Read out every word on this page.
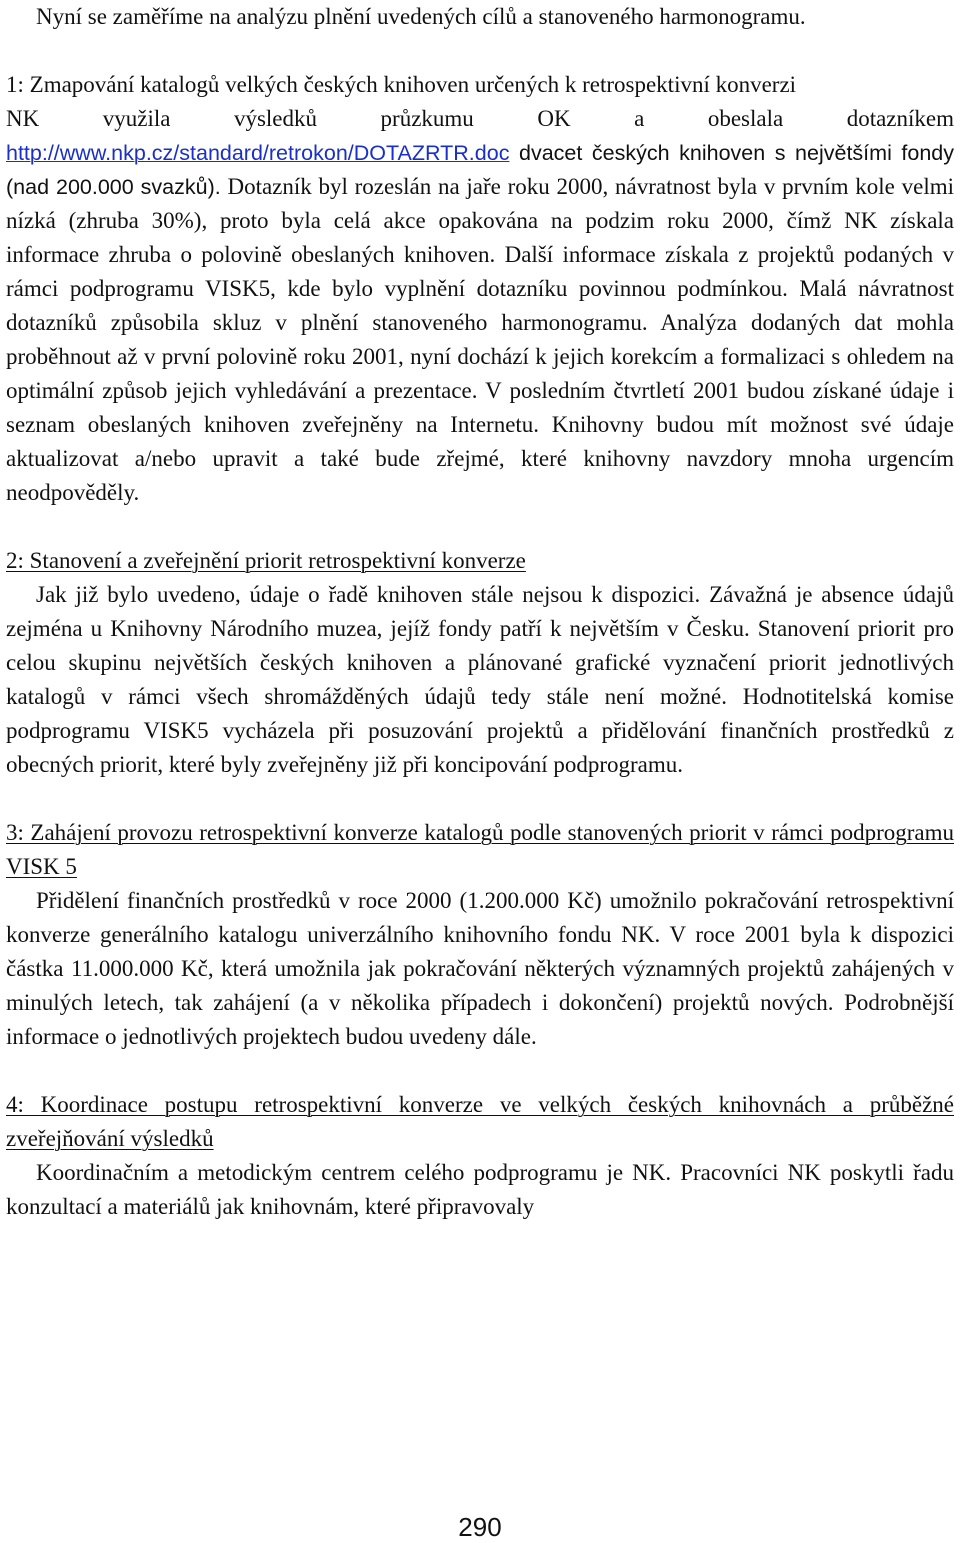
Nyní se zaměříme na analýzu plnění uvedených cílů a stanoveného harmonogramu.

1: Zmapování katalogů velkých českých knihoven určených k retrospektivní konverzi

NK využila výsledků průzkumu OK a obeslala dotazníkem http://www.nkp.cz/standard/retrokon/DOTAZRTR.doc dvacet českých knihoven s největšími fondy (nad 200.000 svazků). Dotazník byl rozeslán na jaře roku 2000, návratnost byla v prvním kole velmi nízká (zhruba 30%), proto byla celá akce opakována na podzim roku 2000, čímž NK získala informace zhruba o polovině obeslaných knihoven. Další informace získala z projektů podaných v rámci podprogramu VISK5, kde bylo vyplnění dotazníku povinnou podmínkou. Malá návratnost dotazníků způsobila skluz v plnění stanoveného harmonogramu. Analýza dodaných dat mohla proběhnout až v první polovině roku 2001, nyní dochází k jejich korekcím a formalizaci s ohledem na optimální způsob jejich vyhledávání a prezentace. V posledním čtvrtletí 2001 budou získané údaje i seznam obeslaných knihoven zveřejněny na Internetu. Knihovny budou mít možnost své údaje aktualizovat a/nebo upravit a také bude zřejmé, které knihovny navzdory mnoha urgencím neodpověděly.

2: Stanovení a zveřejnění priorit retrospektivní konverze

Jak již bylo uvedeno, údaje o řadě knihoven stále nejsou k dispozici. Závažná je absence údajů zejména u Knihovny Národního muzea, jejíž fondy patří k největším v Česku. Stanovení priorit pro celou skupinu největších českých knihoven a plánované grafické vyznačení priorit jednotlivých katalogů v rámci všech shromážděných údajů tedy stále není možné. Hodnotitelská komise podprogramu VISK5 vycházela při posuzování projektů a přidělování finančních prostředků z obecných priorit, které byly zveřejněny již při koncipování podprogramu.

3: Zahájení provozu retrospektivní konverze katalogů podle stanovených priorit v rámci podprogramu VISK 5

Přidělení finančních prostředků v roce 2000 (1.200.000 Kč) umožnilo pokračování retrospektivní konverze generálního katalogu univerzálního knihovního fondu NK. V roce 2001 byla k dispozici částka 11.000.000 Kč, která umožnila jak pokračování některých významných projektů zahájených v minulých letech, tak zahájení (a v několika případech i dokončení) projektů nových. Podrobnější informace o jednotlivých projektech budou uvedeny dále.

4: Koordinace postupu retrospektivní konverze ve velkých českých knihovnách a průběžné zveřejňování výsledků

Koordinačním a metodickým centrem celého podprogramu je NK. Pracovníci NK poskytli řadu konzultací a materiálů jak knihovnám, které připravovaly

290
